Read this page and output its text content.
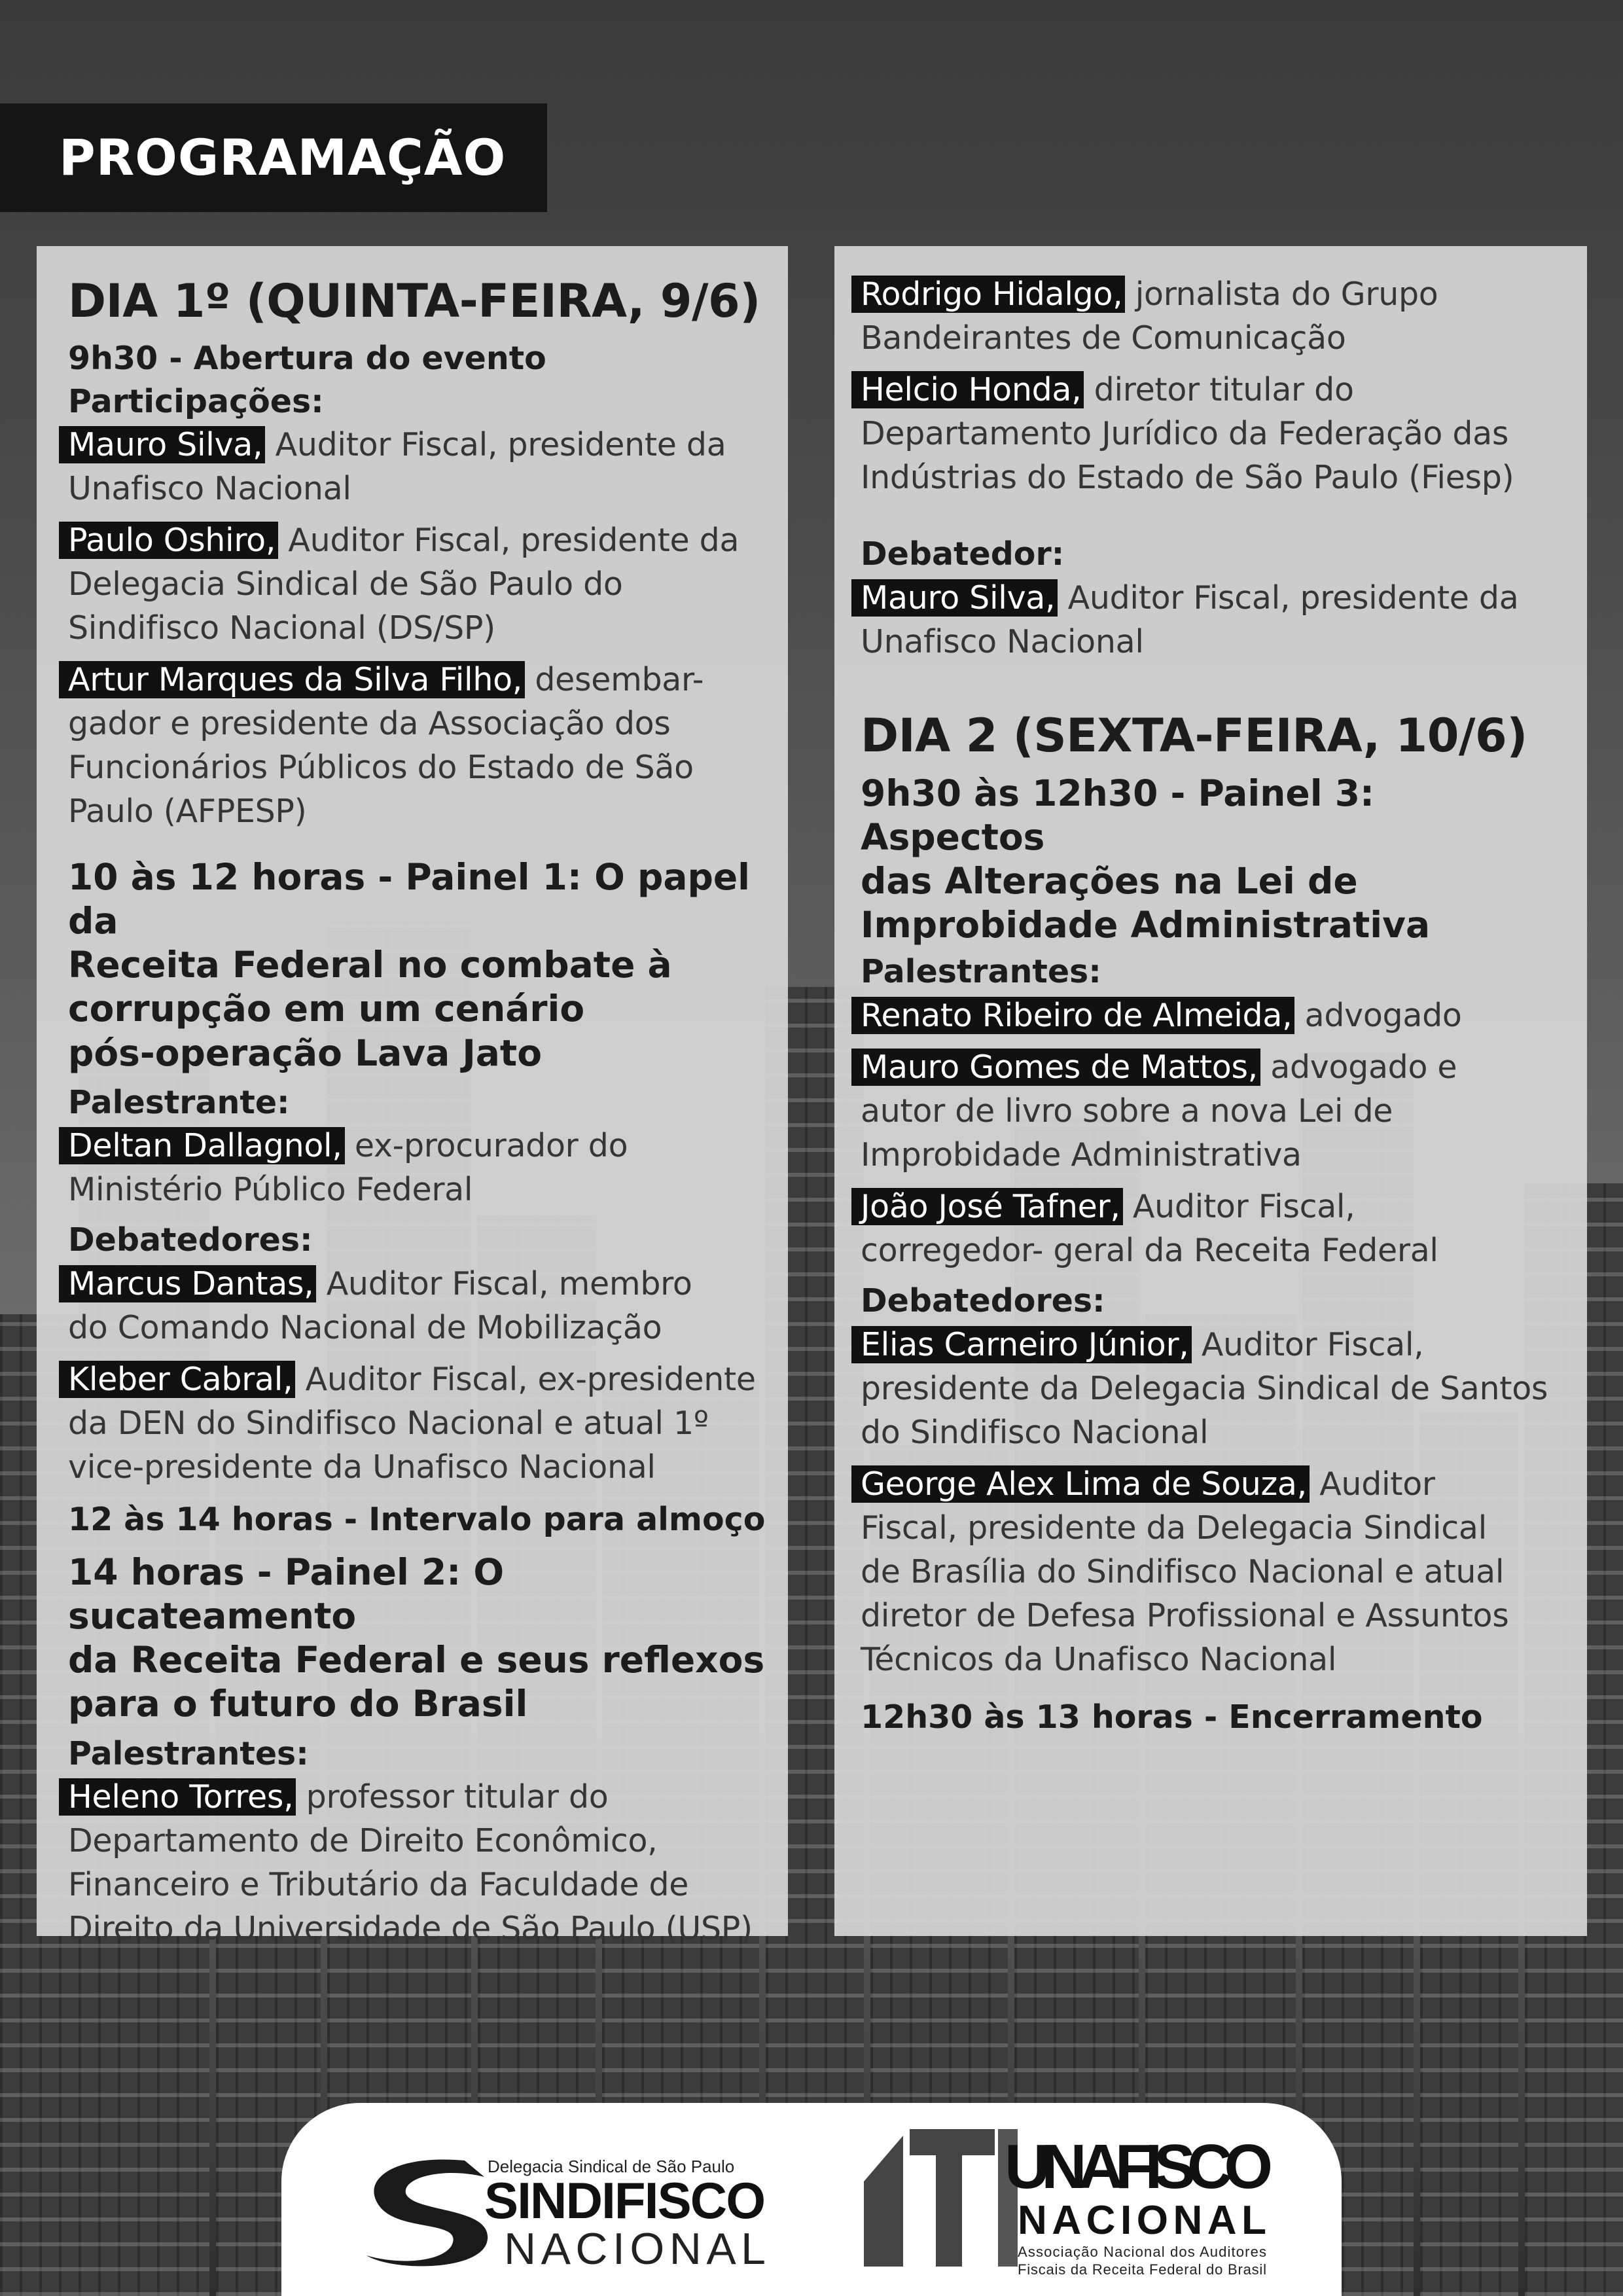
PROGRAMAÇÃO
DIA 1º (QUINTA-FEIRA, 9/6)
9h30 - Abertura do evento
Participações:
Mauro Silva, Auditor Fiscal, presidente da
Unafisco Nacional
Paulo Oshiro, Auditor Fiscal, presidente da
Delegacia Sindical de São Paulo do
Sindifisco Nacional (DS/SP)
Artur Marques da Silva Filho, desembar-
gador e presidente da Associação dos
Funcionários Públicos do Estado de São
Paulo (AFPESP)
10 às 12 horas - Painel 1: O papel da
Receita Federal no combate à
corrupção em um cenário
pós-operação Lava Jato
Palestrante:
Deltan Dallagnol, ex-procurador do
Ministério Público Federal
Debatedores:
Marcus Dantas, Auditor Fiscal, membro
do Comando Nacional de Mobilização
Kleber Cabral, Auditor Fiscal, ex-presidente
da DEN do Sindifisco Nacional e atual 1º
vice-presidente da Unafisco Nacional
12 às 14 horas - Intervalo para almoço
14 horas - Painel 2: O sucateamento
da Receita Federal e seus reflexos
para o futuro do Brasil
Palestrantes:
Heleno Torres, professor titular do
Departamento de Direito Econômico,
Financeiro e Tributário da Faculdade de
Direito da Universidade de São Paulo (USP)
Rodrigo Hidalgo, jornalista do Grupo
Bandeirantes de Comunicação
Helcio Honda, diretor titular do
Departamento Jurídico da Federação das
Indústrias do Estado de São Paulo (Fiesp)
Debatedor:
Mauro Silva, Auditor Fiscal, presidente da
Unafisco Nacional
DIA 2 (SEXTA-FEIRA, 10/6)
9h30 às 12h30 - Painel 3: Aspectos
das Alterações na Lei de
Improbidade Administrativa
Palestrantes:
Renato Ribeiro de Almeida, advogado
Mauro Gomes de Mattos, advogado e
autor de livro sobre a nova Lei de
Improbidade Administrativa
João José Tafner, Auditor Fiscal,
corregedor- geral da Receita Federal
Debatedores:
Elias Carneiro Júnior, Auditor Fiscal,
presidente da Delegacia Sindical de Santos
do Sindifisco Nacional
George Alex Lima de Souza, Auditor
Fiscal, presidente da Delegacia Sindical
de Brasília do Sindifisco Nacional e atual
diretor de Defesa Profissional e Assuntos
Técnicos da Unafisco Nacional
12h30 às 13 horas - Encerramento
Delegacia Sindical de São Paulo
SINDIFISCO
NACIONAL
UNAFISCO
NACIONAL
Associação Nacional dos Auditores
Fiscais da Receita Federal do Brasil
